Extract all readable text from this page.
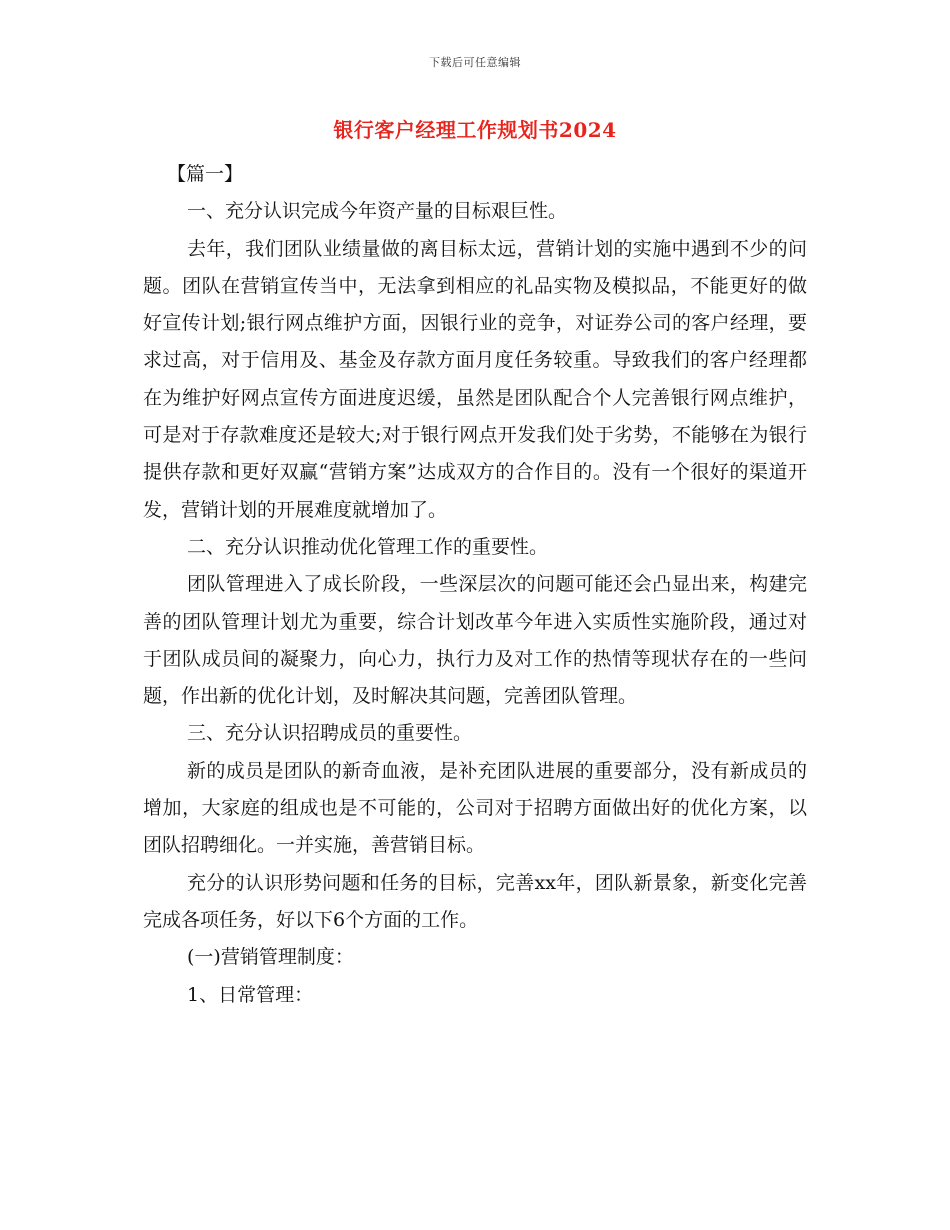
下载后可任意编辑
银行客户经理工作规划书2024

【篇一】

一、充分认识完成今年资产量的目标艰巨性。

去年，我们团队业绩量做的离目标太远，营销计划的实施中遇到不少的问题。团队在营销宣传当中，无法拿到相应的礼品实物及模拟品，不能更好的做好宣传计划;银行网点维护方面，因银行业的竞争，对证券公司的客户经理，要求过高，对于信用及、基金及存款方面月度任务较重。导致我们的客户经理都在为维护好网点宣传方面进度迟缓，虽然是团队配合个人完善银行网点维护，可是对于存款难度还是较大;对于银行网点开发我们处于劣势，不能够在为银行提供存款和更好双赢“营销方案”达成双方的合作目的。没有一个很好的渠道开发，营销计划的开展难度就增加了。

二、充分认识推动优化管理工作的重要性。

团队管理进入了成长阶段，一些深层次的问题可能还会凸显出来，构建完善的团队管理计划尤为重要，综合计划改革今年进入实质性实施阶段，通过对于团队成员间的凝聚力，向心力，执行力及对工作的热情等现状存在的一些问题，作出新的优化计划，及时解决其问题，完善团队管理。

三、充分认识招聘成员的重要性。

新的成员是团队的新奇血液，是补充团队进展的重要部分，没有新成员的增加，大家庭的组成也是不可能的，公司对于招聘方面做出好的优化方案，以团队招聘细化。一并实施，善营销目标。

充分的认识形势问题和任务的目标，完善xx年，团队新景象，新变化完善完成各项任务，好以下6个方面的工作。

(一)营销管理制度：

1、日常管理：
